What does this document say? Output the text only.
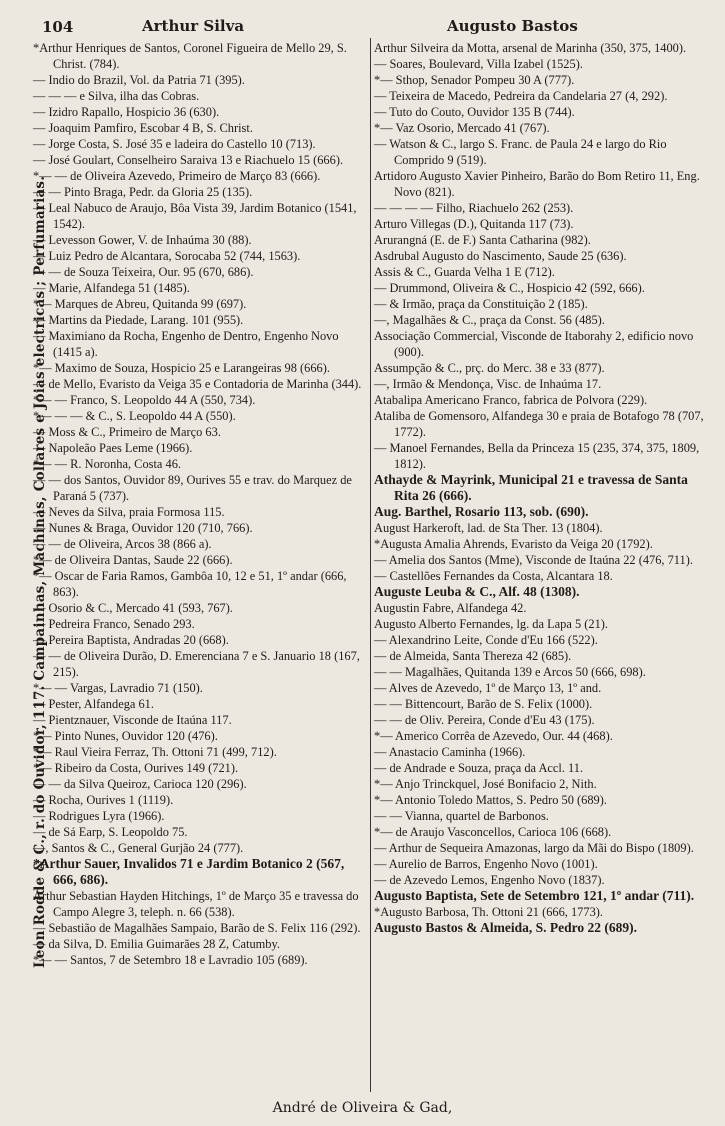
104	Arthur Silva	Augusto Bastos
Leon Rodde & C., r. do Ouvidor, 117. Campainhas, Machinas, Collares e Joias electricas ; Perfumarias.
*Arthur Henriques de Santos, Coronel Figueira de Mello 29, S. Christ. (784).
— Indio do Brazil, Vol. da Patria 71 (395).
— — — e Silva, ilha das Cobras.
— Izidro Rapallo, Hospicio 36 (630).
— Joaquim Pamfiro, Escobar 4 B, S. Christ.
— Jorge Costa, S. José 35 e ladeira do Castello 10 (713).
— José Goulart, Conselheiro Saraiva 13 e Riachuelo 15 (666).
*— — de Oliveira Azevedo, Primeiro de Março 83 (666).
— — Pinto Braga, Pedr. da Gloria 25 (135).
— Leal Nabuco de Araujo, Bôa Vista 39, Jardim Botanico (1541, 1542).
— Levesson Gower, V. de Inhaúma 30 (88).
— Luiz Pedro de Alcantara, Sorocaba 52 (744, 1563).
— — de Souza Teixeira, Our. 95 (670, 686).
— Marie, Alfandega 51 (1485).
*— Marques de Abreu, Quitanda 99 (697).
— Martins da Piedade, Larang. 101 (955).
— Maximiano da Rocha, Engenho de Dentro, Engenho Novo (1415 a).
*— Maximo de Souza, Hospicio 25 e Larangeiras 98 (666).
— de Mello, Evaristo da Veiga 35 e Contadoria de Marinha (344).
*— — Franco, S. Leopoldo 44 A (550, 734).
*— — — & C., S. Leopoldo 44 A (550).
— Moss & C., Primeiro de Março 63.
— Napoleão Paes Leme (1966).
*— — R. Noronha, Costa 46.
— — dos Santos, Ouvidor 89, Ourives 55 e trav. do Marquez de Paraná 5 (737).
— Neves da Silva, praia Formosa 115.
— Nunes & Braga, Ouvidor 120 (710, 766).
— — de Oliveira, Arcos 38 (866 a).
*— de Oliveira Dantas, Saude 22 (666).
*— Oscar de Faria Ramos, Gambôa 10, 12 e 51, 1º andar (666, 863).
— Osorio & C., Mercado 41 (593, 767).
— Pedreira Franco, Senado 293.
— Pereira Baptista, Andradas 20 (668).
— — de Oliveira Durão, D. Emerenciana 7 e S. Januario 18 (167, 215).
*— — Vargas, Lavradio 71 (150).
— Pester, Alfandega 61.
— Pientznauer, Visconde de Itaúna 117.
*— Pinto Nunes, Ouvidor 120 (476).
*— Raul Vieira Ferraz, Th. Ottoni 71 (499, 712).
*— Ribeiro da Costa, Ourives 149 (721).
— — da Silva Queiroz, Carioca 120 (296).
— Rocha, Ourives 1 (1119).
— Rodrigues Lyra (1966).
— de Sá Earp, S. Leopoldo 75.
—, Santos & C., General Gurjão 24 (777).
*Arthur Sauer, Invalidos 71 e Jardim Botanico 2 (567, 666, 686).
Arthur Sebastian Hayden Hitchings, 1º de Março 35 e travessa do Campo Alegre 3, teleph. n. 66 (538).
— Sebastião de Magalhães Sampaio, Barão de S. Felix 116 (292).
— da Silva, D. Emilia Guimarães 28 Z, Catumby.
*— — Santos, 7 de Setembro 18 e Lavradio 105 (689).
Arthur Silveira da Motta, arsenal de Marinha (350, 375, 1400).
— Soares, Boulevard, Villa Izabel (1525).
*— Sthop, Senador Pompeu 30 A (777).
— Teixeira de Macedo, Pedreira da Candelaria 27 (4, 292).
— Tuto do Couto, Ouvidor 135 B (744).
*— Vaz Osorio, Mercado 41 (767).
— Watson & C., largo S. Franc. de Paula 24 e largo do Rio Comprido 9 (519).
Artidoro Augusto Xavier Pinheiro, Barão do Bom Retiro 11, Eng. Novo (821).
— — — — Filho, Riachuelo 262 (253).
Arturo Villegas (D.), Quitanda 117 (73).
Arurangná (E. de F.) Santa Catharina (982).
Asdrubal Augusto do Nascimento, Saude 25 (636).
Assis & C., Guarda Velha 1 E (712).
— Drummond, Oliveira & C., Hospicio 42 (592, 666).
— & Irmão, praça da Constituição 2 (185).
—, Magalhães & C., praça da Const. 56 (485).
Associação Commercial, Visconde de Itaborahy 2, edificio novo (900).
Assumpção & C., prç. do Merc. 38 e 33 (877).
—, Irmão & Mendonça, Visc. de Inhaúma 17.
Atabalipa Americano Franco, fabrica de Polvora (229).
Ataliba de Gomensoro, Alfandega 30 e praia de Botafogo 78 (707, 1772).
— Manoel Fernandes, Bella da Princeza 15 (235, 374, 375, 1809, 1812).
Athayde & Mayrink, Municipal 21 e travessa de Santa Rita 26 (666).
Aug. Barthel, Rosario 113, sob. (690).
August Harkeroft, lad. de Sta Ther. 13 (1804).
*Augusta Amalia Ahrends, Evaristo da Veiga 20 (1792).
— Amelia dos Santos (Mme), Visconde de Itaúna 22 (476, 711).
— Castellões Fernandes da Costa, Alcantara 18.
Auguste Leuba & C., Alf. 48 (1308).
Augustin Fabre, Alfandega 42.
Augusto Alberto Fernandes, lg. da Lapa 5 (21).
— Alexandrino Leite, Conde d'Eu 166 (522).
— de Almeida, Santa Thereza 42 (685).
— — Magalhães, Quitanda 139 e Arcos 50 (666, 698).
— Alves de Azevedo, 1º de Março 13, 1º and.
— — Bittencourt, Barão de S. Felix (1000).
— — de Oliv. Pereira, Conde d'Eu 43 (175).
*— Americo Corrêa de Azevedo, Our. 44 (468).
— Anastacio Caminha (1966).
— de Andrade e Souza, praça da Accl. 11.
*— Anjo Trinckquel, José Bonifacio 2, Nith.
*— Antonio Toledo Mattos, S. Pedro 50 (689).
— — Vianna, quartel de Barbonos.
*— de Araujo Vasconcellos, Carioca 106 (668).
— Arthur de Sequeira Amazonas, largo da Mãi do Bispo (1809).
— Aurelio de Barros, Engenho Novo (1001).
— de Azevedo Lemos, Engenho Novo (1837).
Augusto Baptista, Sete de Setembro 121, 1º andar (711).
*Augusto Barbosa, Th. Ottoni 21 (666, 1773).
Augusto Bastos & Almeida, S. Pedro 22 (689).
André de Oliveira & Gad,
